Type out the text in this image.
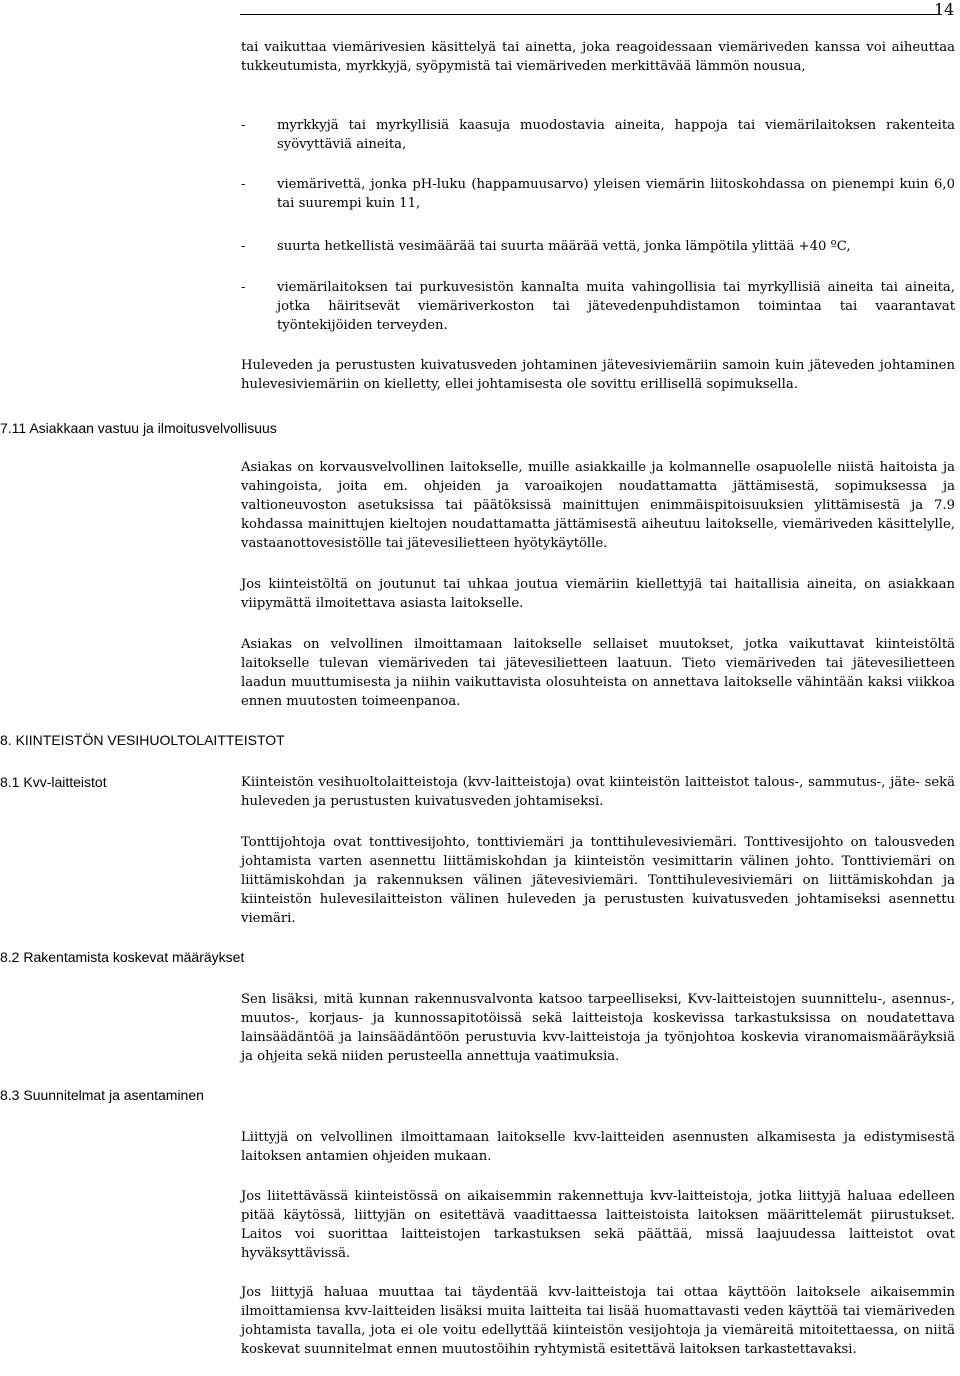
14
tai vaikuttaa viemärivesien käsittelyä tai ainetta, joka reagoidessaan viemäriveden kanssa voi aiheuttaa tukkeutumista, myrkkyjä, syöpymistä tai viemäriveden merkittävää lämmön nousua,
- myrkkyjä tai myrkyllisiä kaasuja muodostavia aineita, happoja tai viemärilaitoksen rakenteita syövyttäviä aineita,
- viemärivettä, jonka pH-luku (happamuusarvo) yleisen viemärin liitoskohdassa on pienempi kuin 6,0 tai suurempi kuin 11,
- suurta hetkellistä vesimäärää tai suurta määrää vettä, jonka lämpötila ylittää +40 ºC,
- viemärilaitoksen tai purkuvesistön kannalta muita vahingollisia tai myrkyllisiä aineita tai aineita, jotka häiritsevät viemäriverkoston tai jätevedenpuhdistamon toimintaa tai vaarantavat työntekijöiden terveyden.
Huleveden ja perustusten kuivatusveden johtaminen jätevesiviemäriin samoin kuin jäteveden johtaminen hulevesiviemäriin on kielletty, ellei johtamisesta ole sovittu erillisellä sopimuksella.
7.11 Asiakkaan vastuu ja ilmoitusvelvollisuus
Asiakas on korvausvelvollinen laitokselle, muille asiakkaille ja kolmannelle osapuolelle niistä haitoista ja vahingoista, joita em. ohjeiden ja varoaikojen noudattamatta jättämisestä, sopimuksessa ja valtioneuvoston asetuksissa tai päätöksissä mainittujen enimmäispitoisuuksien ylittämisestä ja 7.9 kohdassa mainittujen kieltojen noudattamatta jättämisestä aiheutuu laitokselle, viemäriveden käsittelylle, vastaanottovesistölle tai jätevesilietteen hyötykäytölle.
Jos kiinteistöltä on joutunut tai uhkaa joutua viemäriin kiellettyjä tai haitallisia aineita, on asiakkaan viipymättä ilmoitettava asiasta laitokselle.
Asiakas on velvollinen ilmoittamaan laitokselle sellaiset muutokset, jotka vaikuttavat kiinteistöltä laitokselle tulevan viemäriveden tai jätevesilietteen laatuun. Tieto viemäriveden tai jätevesilietteen laadun muuttumisesta ja niihin vaikuttavista olosuhteista on annettava laitokselle vähintään kaksi viikkoa ennen muutosten toimeenpanoa.
8. KIINTEISTÖN VESIHUOLTOLAITTEISTOT
8.1 Kvv-laitteistot	Kiinteistön vesihuoltolaitteistoja (kvv-laitteistoja) ovat kiinteistön laitteistot talous-, sammutus-, jäte- sekä huleveden ja perustusten kuivatusveden johtamiseksi.
Tonttijohtoja ovat tonttivesijohto, tonttiviemäri ja tonttihulevesiviemäri. Tonttivesijohto on talousveden johtamista varten asennettu liittämiskohdan ja kiinteistön vesimittarin välinen johto. Tonttiviemäri on liittämiskohdan ja rakennuksen välinen jätevesiviemäri. Tonttihulevesiviemäri on liittämiskohdan ja kiinteistön hulevesilaitteiston välinen huleveden ja perustusten kuivatusveden johtamiseksi asennettu viemäri.
8.2 Rakentamista koskevat määräykset
Sen lisäksi, mitä kunnan rakennusvalvonta katsoo tarpeelliseksi, Kvv-laitteistojen suunnittelu-, asennus-, muutos-, korjaus- ja kunnossapitotöissä sekä laitteistoja koskevissa tarkastuksissa on noudatettava lainsäädäntöä ja lainsäädäntöön perustuvia kvv-laitteistoja ja työnjohtoa koskevia viranomaismääräyksiä ja ohjeita sekä niiden perusteella annettuja vaatimuksia.
8.3 Suunnitelmat ja asentaminen
Liittyjä on velvollinen ilmoittamaan laitokselle kvv-laitteiden asennusten alkamisesta ja edistymisestä laitoksen antamien ohjeiden mukaan.
Jos liitettävässä kiinteistössä on aikaisemmin rakennettuja kvv-laitteistoja, jotka liittyjä haluaa edelleen pitää käytössä, liittyjän on esitettävä vaadittaessa laitteistoista laitoksen määrittelemät piirustukset. Laitos voi suorittaa laitteistojen tarkastuksen sekä päättää, missä laajuudessa laitteistot ovat hyväksyttävissä.
Jos liittyjä haluaa muuttaa tai täydentää kvv-laitteistoja tai ottaa käyttöön laitoksele aikaisemmin ilmoittamiensa kvv-laitteiden lisäksi muita laitteita tai lisää huomattavasti veden käyttöä tai viemäriveden johtamista tavalla, jota ei ole voitu edellyttää kiinteistön vesijohtoja ja viemäreitä mitoitettaessa, on niitä koskevat suunnitelmat ennen muutostöihin ryhtymistä esitettävä laitoksen tarkastettavaksi.
